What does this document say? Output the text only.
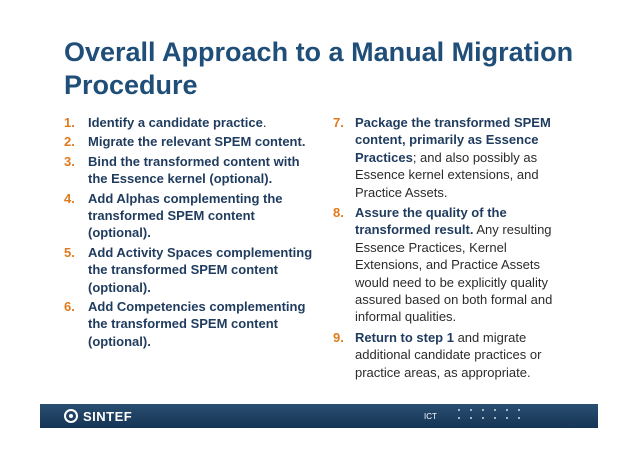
Overall Approach to a Manual Migration Procedure
1. Identify a candidate practice.
2. Migrate the relevant SPEM content.
3. Bind the transformed content with the Essence kernel (optional).
4. Add Alphas complementing the transformed SPEM content (optional).
5. Add Activity Spaces complementing the transformed SPEM content (optional).
6. Add Competencies complementing the transformed SPEM content (optional).
7. Package the transformed SPEM content, primarily as Essence Practices; and also possibly as Essence kernel extensions, and Practice Assets.
8. Assure the quality of the transformed result. Any resulting Essence Practices, Kernel Extensions, and Practice Assets would need to be explicitly quality assured based on both formal and informal qualities.
9. Return to step 1 and migrate additional candidate practices or practice areas, as appropriate.
SINTEF	ICT
14
